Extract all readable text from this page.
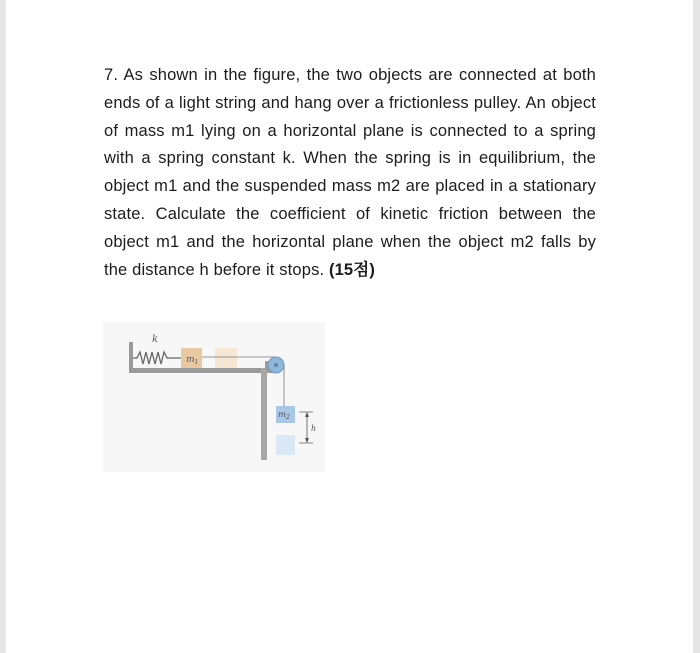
7. As shown in the figure, the two objects are connected at both ends of a light string and hang over a frictionless pulley. An object of mass m1 lying on a horizontal plane is connected to a spring with a spring constant k. When the spring is in equilibrium, the object m1 and the suspended mass m2 are placed in a stationary state. Calculate the coefficient of kinetic friction between the object m1 and the horizontal plane when the object m2 falls by the distance h before it stops. (15점)
k
$m_1$
$m_2$
h
